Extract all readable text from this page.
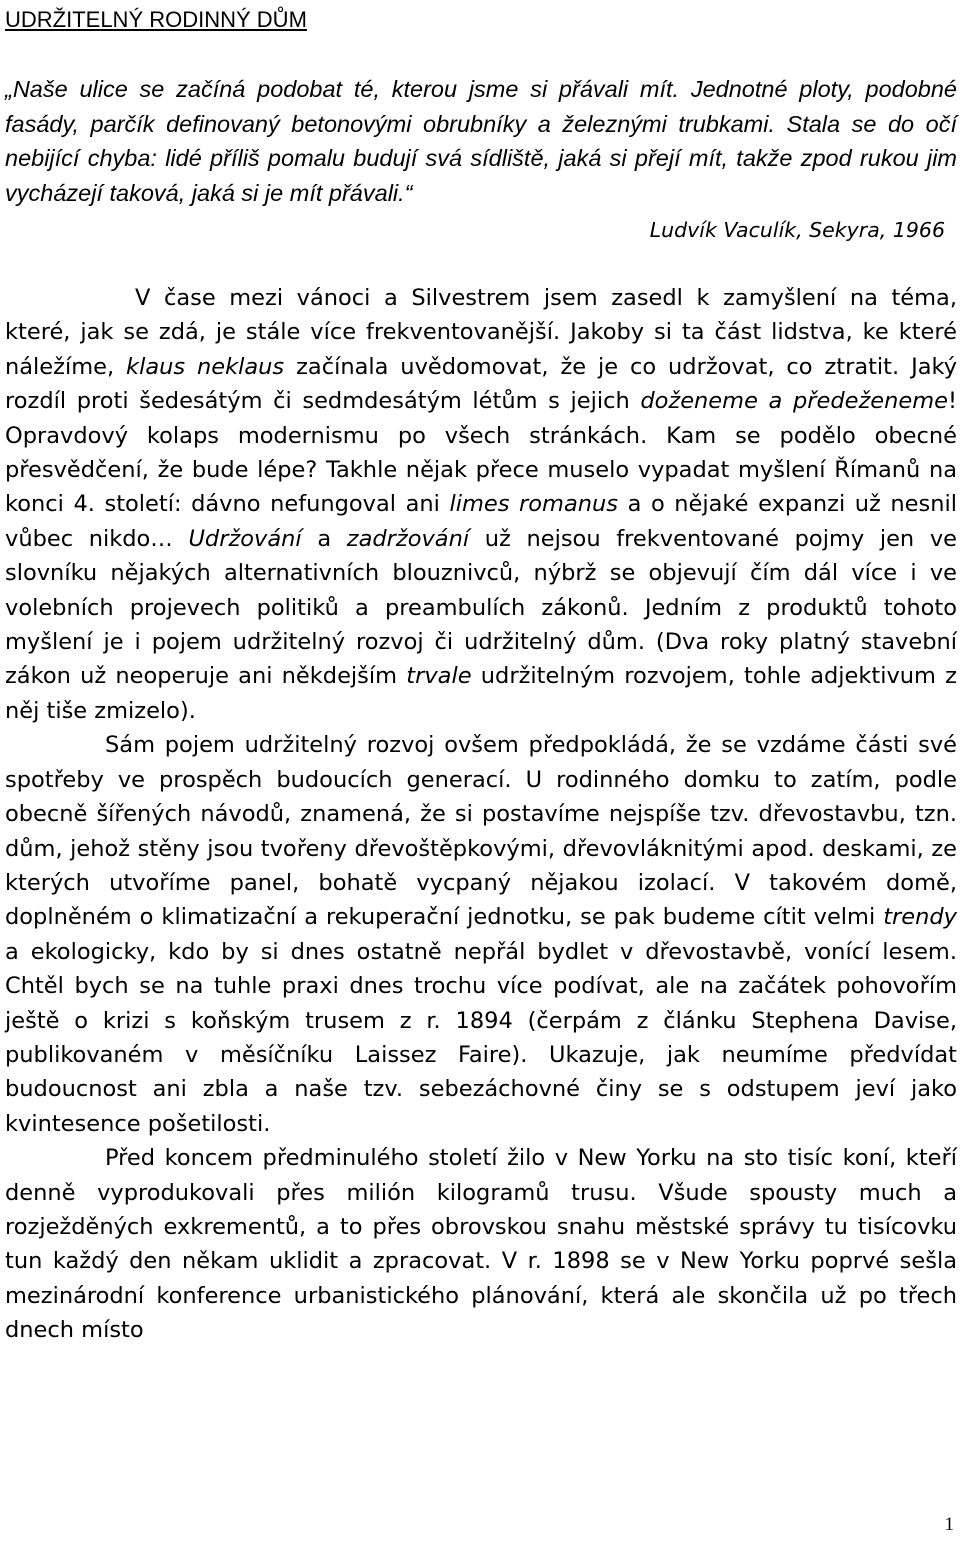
UDRŽITELNÝ RODINNÝ DŮM

„Naše ulice se začíná podobat té, kterou jsme si přávali mít. Jednotné ploty, podobné fasády, parčík definovaný betonovými obrubníky a železnými trubkami. Stala se do očí nebijící chyba: lidé příliš pomalu budují svá sídliště, jaká si přejí mít, takže zpod rukou jim vycházejí taková, jaká si je mít přávali.“

Ludvík Vaculík, Sekyra, 1966

V čase mezi vánoci a Silvestrem jsem zasedl k zamyšlení na téma, které, jak se zdá, je stále více frekventovanější. Jakoby si ta část lidstva, ke které náležíme, klaus neklaus začínala uvědomovat, že je co udržovat, co ztratit. Jaký rozdíl proti šedesátým či sedmdesátým létům s jejich doženeme a předeženeme! Opravdový kolaps modernismu po všech stránkách. Kam se podělo obecné přesvědčení, že bude lépe? Takhle nějak přece muselo vypadat myšlení Římanů na konci 4. století: dávno nefungoval ani limes romanus a o nějaké expanzi už nesnil vůbec nikdo… Udržování a zadržování už nejsou frekventované pojmy jen ve slovníku nějakých alternativních blouznivců, nýbrž se objevují čím dál více i ve volebních projevech politiků a preambulích zákonů. Jedním z produktů tohoto myšlení je i pojem udržitelný rozvoj či udržitelný dům. (Dva roky platný stavební zákon už neoperuje ani někdejším trvale udržitelným rozvojem, tohle adjektivum z něj tiše zmizelo).

Sám pojem udržitelný rozvoj ovšem předpokládá, že se vzdáme části své spotřeby ve prospěch budoucích generací. U rodinného domku to zatím, podle obecně šířených návodů, znamená, že si postavíme nejspíše tzv. dřevostavbu, tzn. dům, jehož stěny jsou tvořeny dřevoštěpkovými, dřevovláknitými apod. deskami, ze kterých utvoříme panel, bohatě vycpaný nějakou izolací. V takovém domě, doplněném o klimatizační a rekuperační jednotku, se pak budeme cítit velmi trendy a ekologicky, kdo by si dnes ostatně nepřál bydlet v dřevostavbě, vonící lesem. Chtěl bych se na tuhle praxi dnes trochu více podívat, ale na začátek pohovořím ještě o krizi s koňským trusem z r. 1894 (čerpám z článku Stephena Davise, publikovaném v měsíčníku Laissez Faire). Ukazuje, jak neumíme předvídat budoucnost ani zbla a naše tzv. sebezáchovné činy se s odstupem jeví jako kvintesence pošetilosti.

Před koncem předminulého století žilo v New Yorku na sto tisíc koní, kteří denně vyprodukovali přes milión kilogramů trusu. Všude spousty much a rozježděných exkrementů, a to přes obrovskou snahu městské správy tu tisícovku tun každý den někam uklidit a zpracovat. V r. 1898 se v New Yorku poprvé sešla mezinárodní konference urbanistického plánování, která ale skončila už po třech dnech místo

1
